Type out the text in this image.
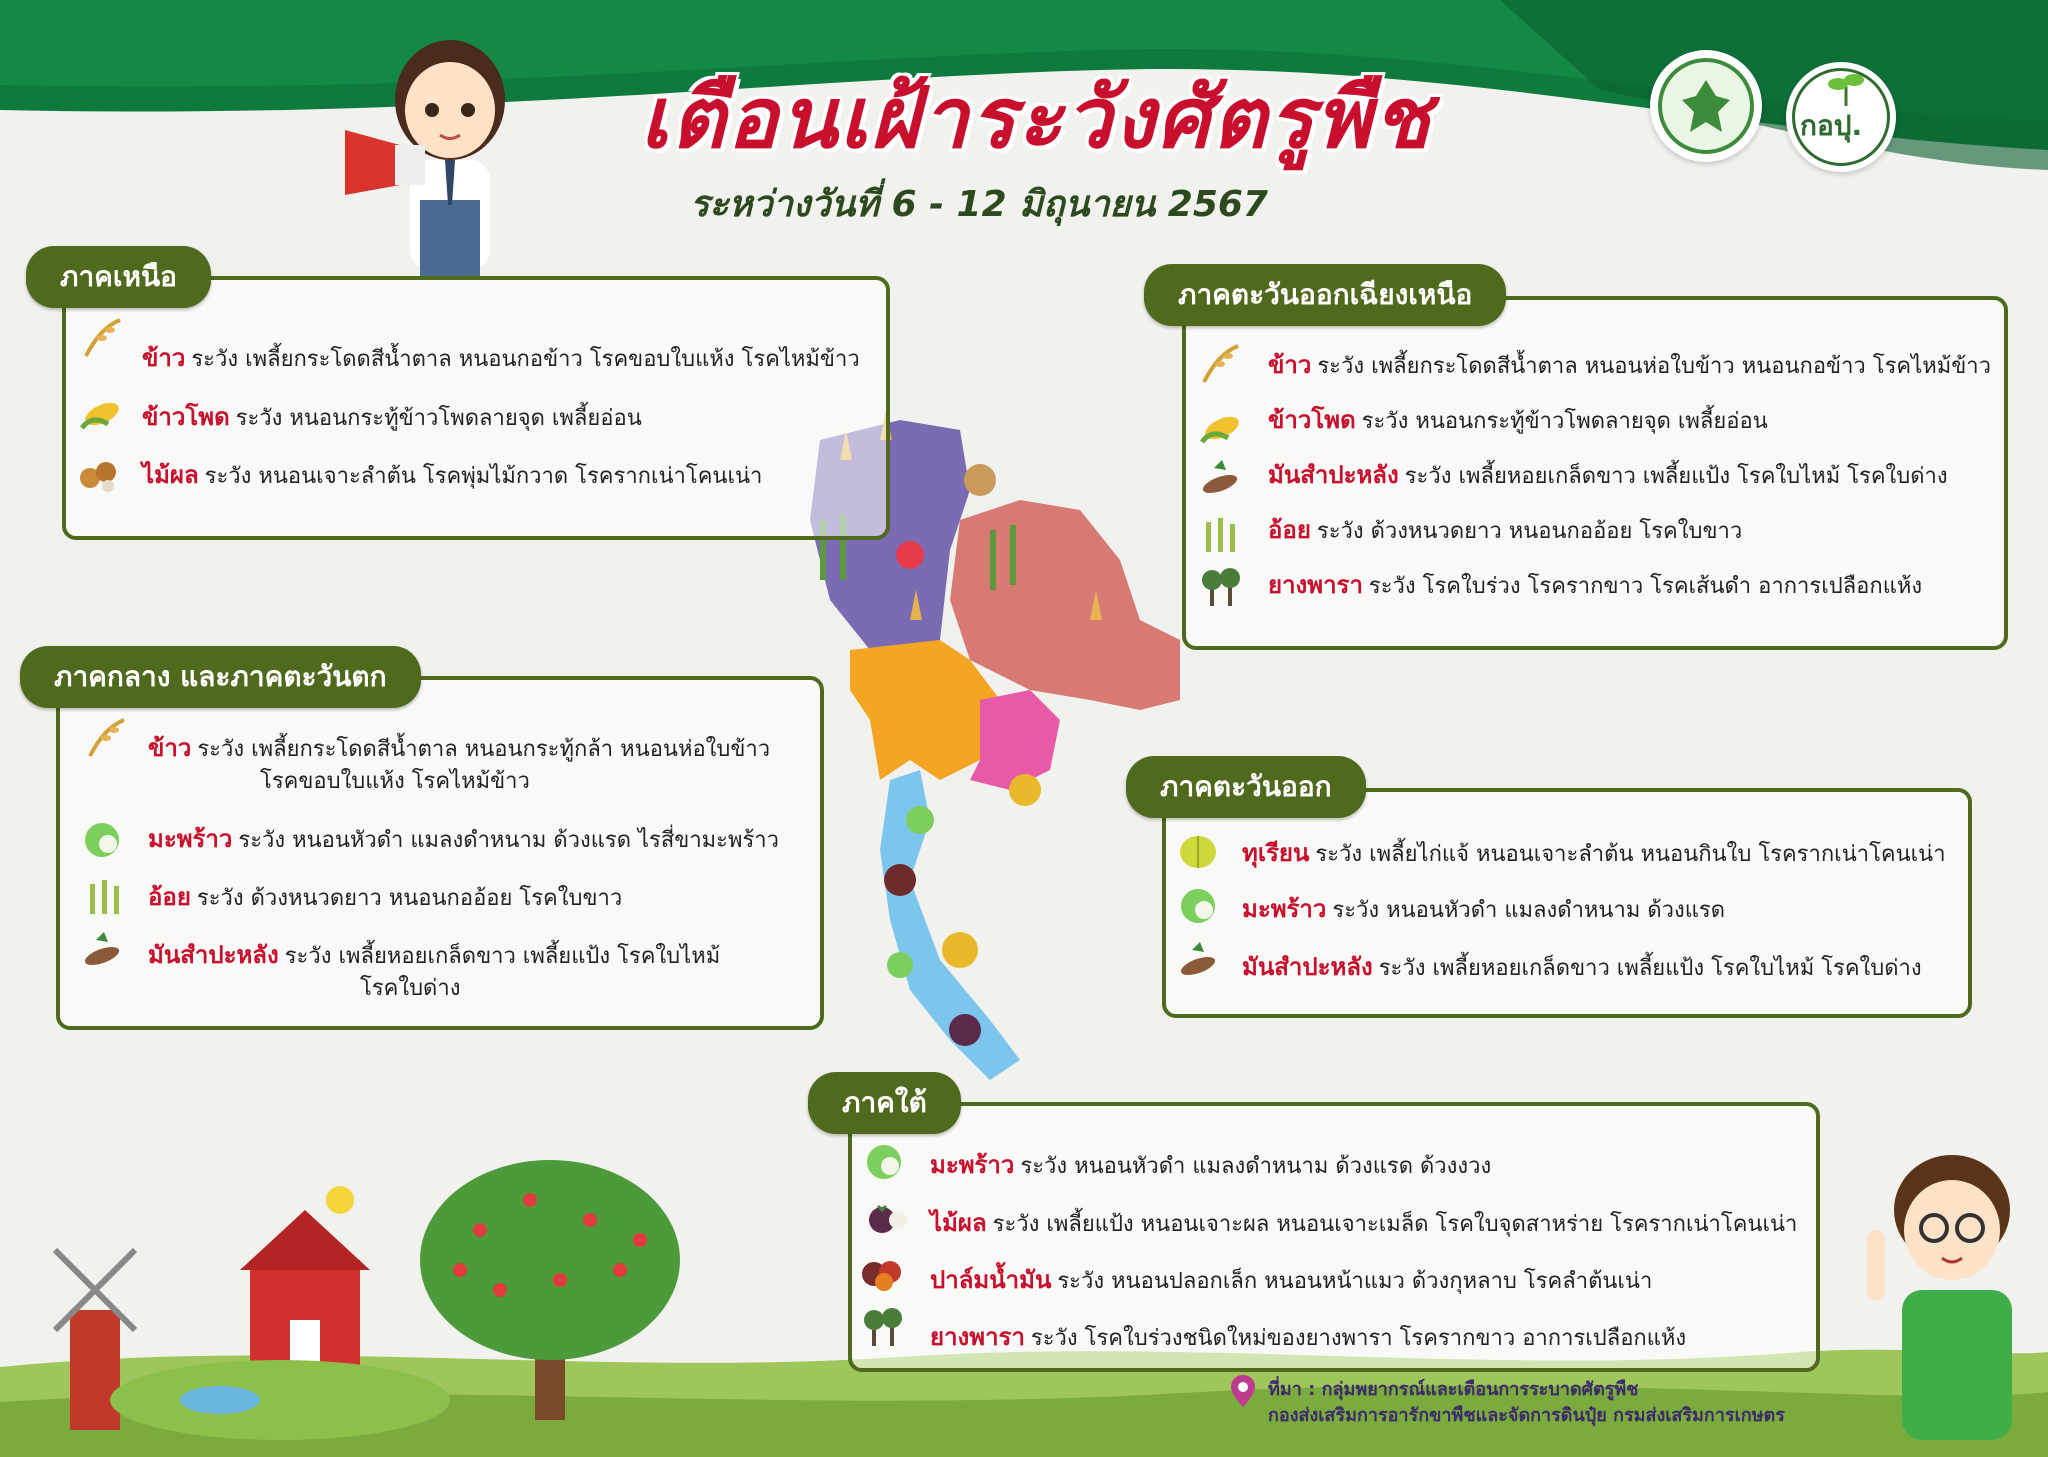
เตือนเฝ้าระวังศัตรูพืช
ระหว่างวันที่ 6 - 12 มิถุนายน 2567
กอปุ.
ภาคเหนือ
ข้าว ระวัง เพลี้ยกระโดดสีน้ำตาล หนอนกอข้าว โรคขอบใบแห้ง โรคไหม้ข้าว
ข้าวโพด ระวัง หนอนกระทู้ข้าวโพดลายจุด เพลี้ยอ่อน
ไม้ผล ระวัง หนอนเจาะลำต้น โรคพุ่มไม้กวาด โรครากเน่าโคนเน่า
ภาคตะวันออกเฉียงเหนือ
ข้าว ระวัง เพลี้ยกระโดดสีน้ำตาล หนอนห่อใบข้าว หนอนกอข้าว โรคไหม้ข้าว
ข้าวโพด ระวัง หนอนกระทู้ข้าวโพดลายจุด เพลี้ยอ่อน
มันสำปะหลัง ระวัง เพลี้ยหอยเกล็ดขาว เพลี้ยแป้ง โรคใบไหม้ โรคใบด่าง
อ้อย ระวัง ด้วงหนวดยาว หนอนกออ้อย โรคใบขาว
ยางพารา ระวัง โรคใบร่วง โรครากขาว โรคเส้นดำ อาการเปลือกแห้ง
ภาคกลาง และภาคตะวันตก
ข้าว ระวัง เพลี้ยกระโดดสีน้ำตาล หนอนกระทู้กล้า หนอนห่อใบข้าว
โรคขอบใบแห้ง โรคไหม้ข้าว
มะพร้าว ระวัง หนอนหัวดำ แมลงดำหนาม ด้วงแรด ไรสี่ขามะพร้าว
อ้อย ระวัง ด้วงหนวดยาว หนอนกออ้อย โรคใบขาว
มันสำปะหลัง ระวัง เพลี้ยหอยเกล็ดขาว เพลี้ยแป้ง โรคใบไหม้
โรคใบด่าง
ภาคตะวันออก
ทุเรียน ระวัง เพลี้ยไก่แจ้ หนอนเจาะลำต้น หนอนกินใบ โรครากเน่าโคนเน่า
มะพร้าว ระวัง หนอนหัวดำ แมลงดำหนาม ด้วงแรด
มันสำปะหลัง ระวัง เพลี้ยหอยเกล็ดขาว เพลี้ยแป้ง โรคใบไหม้ โรคใบด่าง
ภาคใต้
มะพร้าว ระวัง หนอนหัวดำ แมลงดำหนาม ด้วงแรด ด้วงงวง
ไม้ผล ระวัง เพลี้ยแป้ง หนอนเจาะผล หนอนเจาะเมล็ด โรคใบจุดสาหร่าย โรครากเน่าโคนเน่า
ปาล์มน้ำมัน ระวัง หนอนปลอกเล็ก หนอนหน้าแมว ด้วงกุหลาบ โรคลำต้นเน่า
ยางพารา ระวัง โรคใบร่วงชนิดใหม่ของยางพารา โรครากขาว อาการเปลือกแห้ง
ที่มา : กลุ่มพยากรณ์และเตือนการระบาดศัตรูพืช
กองส่งเสริมการอารักขาพืชและจัดการดินปุ๋ย กรมส่งเสริมการเกษตร
